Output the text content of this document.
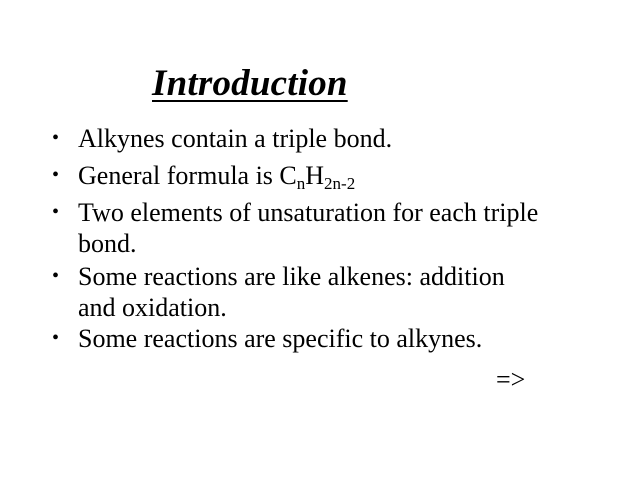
Introduction
• Alkynes contain a triple bond.
• General formula is CnH2n-2
• Two elements of unsaturation for each triple
bond.
• Some reactions are like alkenes: addition
and oxidation.
• Some reactions are specific to alkynes.
=>
